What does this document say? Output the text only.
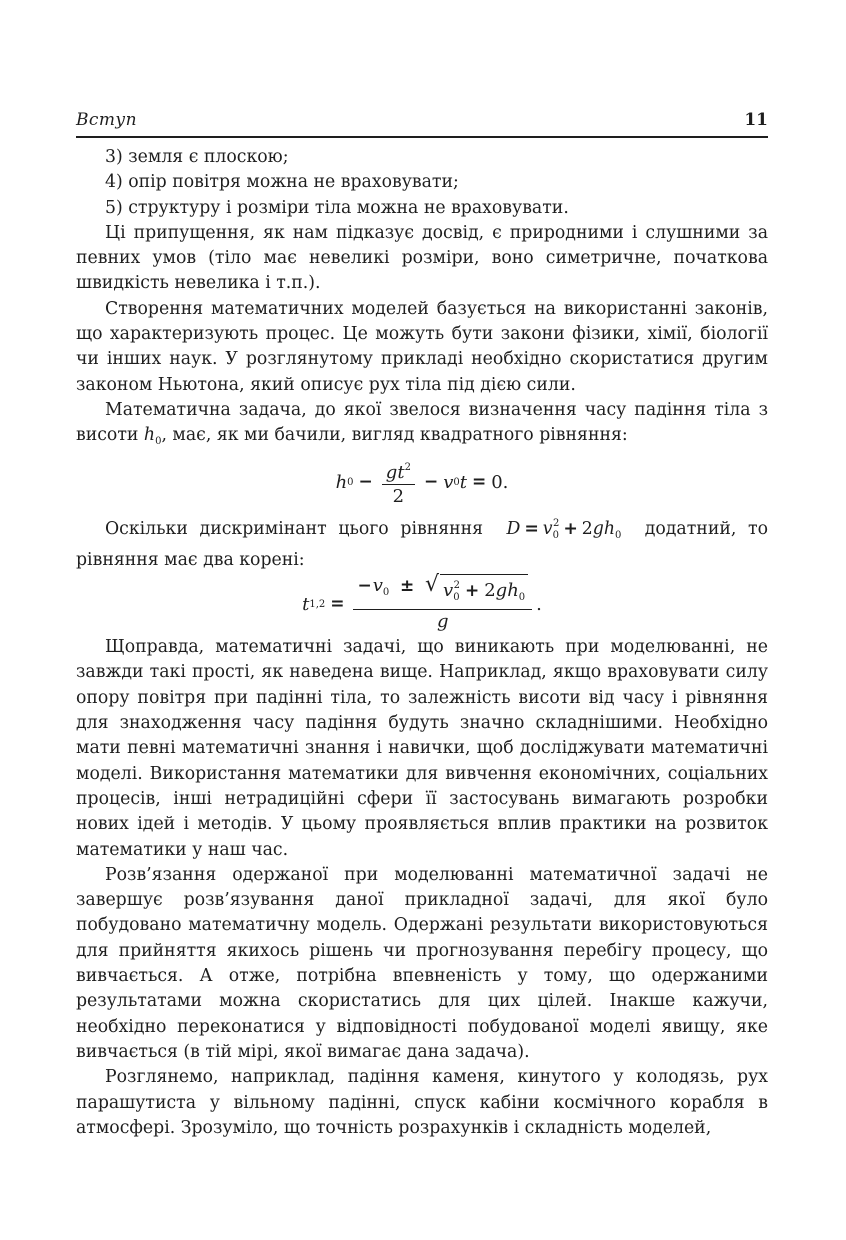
Вступ	11

3) земля є плоскою;

4) опір повітря можна не враховувати;

5) структуру і розміри тіла можна не враховувати.

Ці припущення, як нам підказує досвід, є природними і слушними за певних умов (тіло має невеликі розміри, воно симетричне, початкова швидкість невелика і т.п.).

Створення математичних моделей базується на використанні законів, що характеризують процес. Це можуть бути закони фізики, хімії, біології чи інших наук. У розглянутому прикладі необхідно скористатися другим законом Ньютона, який описує рух тіла під дією сили.

Математична задача, до якої звелося визначення часу падіння тіла з висоти $h_0$, має, як ми бачили, вигляд квадратного рівняння:

h $0 - \frac{gt^2}{2} - v$ 0 t = 0.

Оскільки дискримінант цього рівняння $D = v_0^2 + 2gh_0$ додатний, то рівняння має два корені:

t $1,2 = \frac{-v_0 \pm √ v_0^2 + 2gh_0}{g}$ .

Щоправда, математичні задачі, що виникають при моделюванні, не завжди такі прості, як наведена вище. Наприклад, якщо враховувати силу опору повітря при падінні тіла, то залежність висоти від часу і рівняння для знаходження часу падіння будуть значно складнішими. Необхідно мати певні математичні знання і навички, щоб досліджувати математичні моделі. Використання математики для вивчення економічних, соціальних процесів, інші нетрадиційні сфери її застосувань вимагають розробки нових ідей і методів. У цьому проявляється вплив практики на розвиток математики у наш час.

Розв’язання одержаної при моделюванні математичної задачі не завершує розв’язування даної прикладної задачі, для якої було побудовано математичну модель. Одержані результати використовуються для прийняття якихось рішень чи прогнозування перебігу процесу, що вивчається. А отже, потрібна впевненість у тому, що одержаними результатами можна скористатись для цих цілей. Інакше кажучи, необхідно переконатися у відповідності побудованої моделі явищу, яке вивчається (в тій мірі, якої вимагає дана задача).

Розглянемо, наприклад, падіння каменя, кинутого у колодязь, рух парашутиста у вільному падінні, спуск кабіни космічного корабля в атмосфері. Зрозуміло, що точність розрахунків і складність моделей,
